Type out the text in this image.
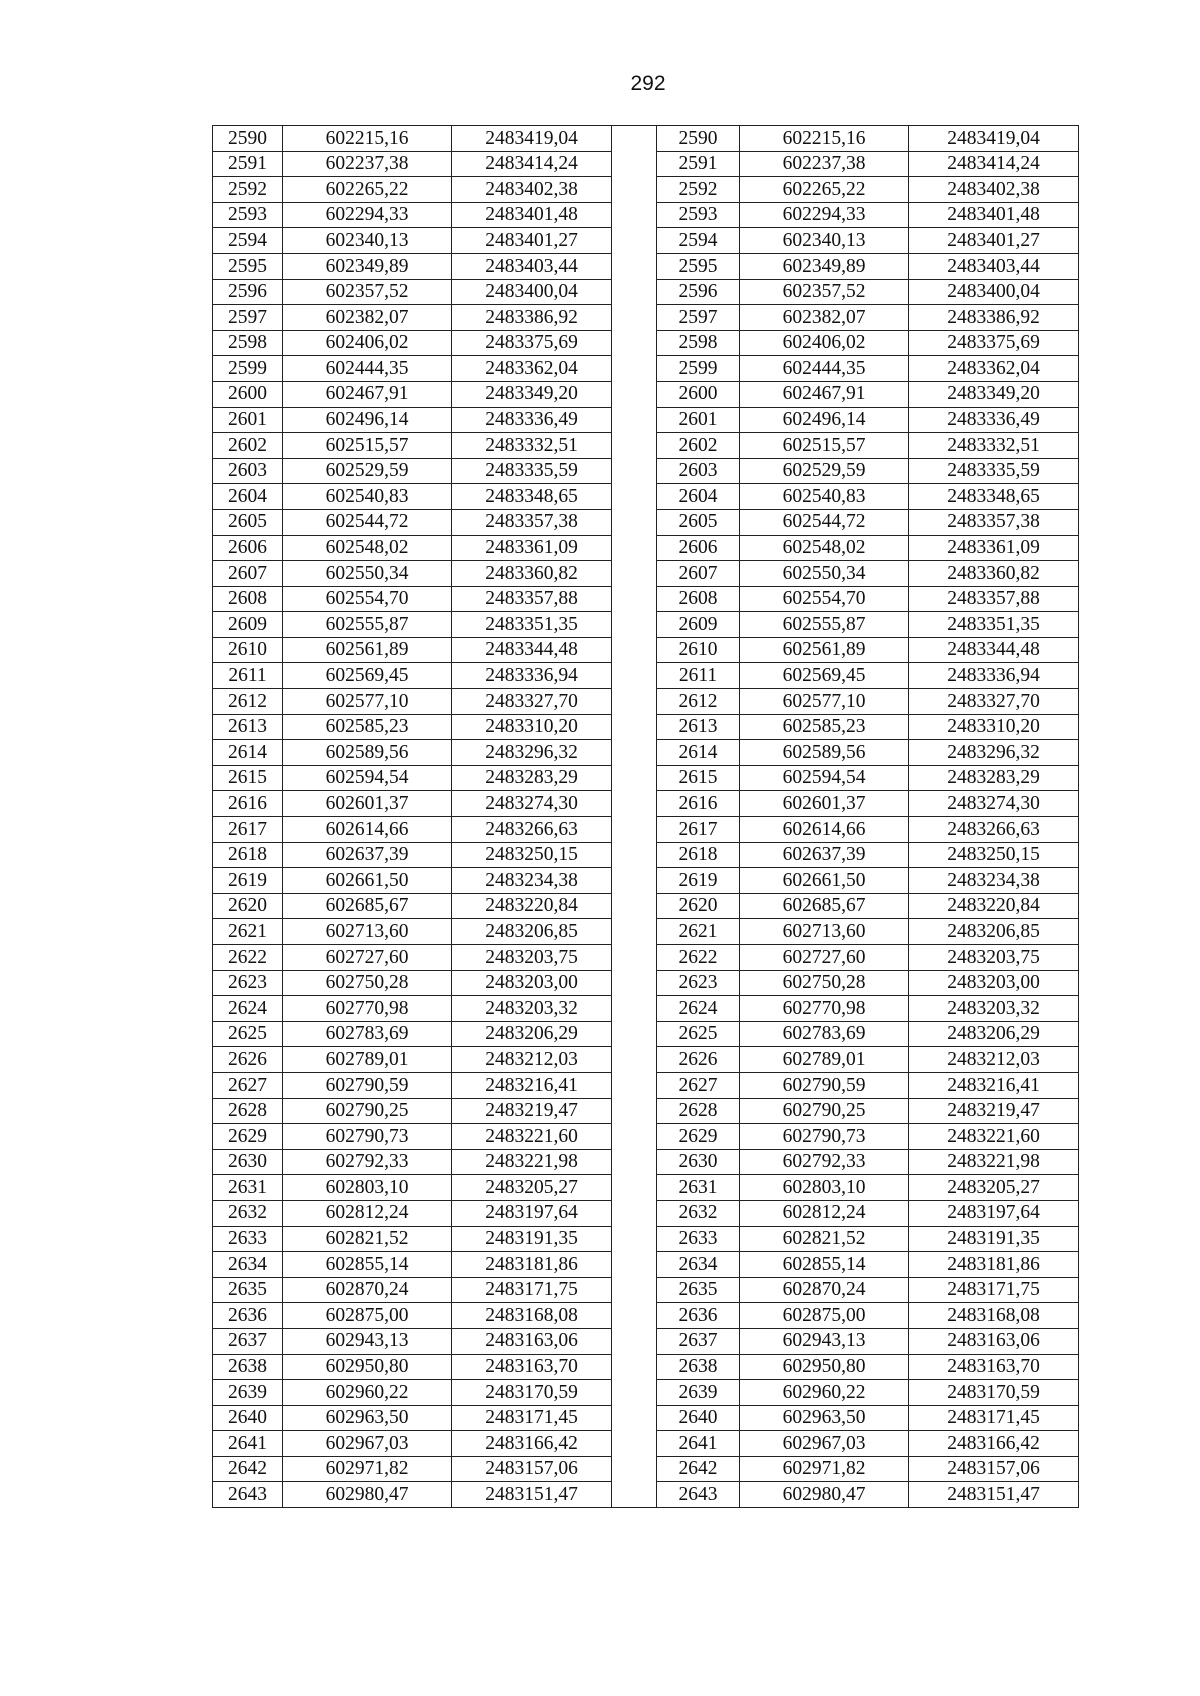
292
2590	602215,16	2483419,04		2590	602215,16	2483419,04
2591	602237,38	2483414,24		2591	602237,38	2483414,24
2592	602265,22	2483402,38		2592	602265,22	2483402,38
2593	602294,33	2483401,48		2593	602294,33	2483401,48
2594	602340,13	2483401,27		2594	602340,13	2483401,27
2595	602349,89	2483403,44		2595	602349,89	2483403,44
2596	602357,52	2483400,04		2596	602357,52	2483400,04
2597	602382,07	2483386,92		2597	602382,07	2483386,92
2598	602406,02	2483375,69		2598	602406,02	2483375,69
2599	602444,35	2483362,04		2599	602444,35	2483362,04
2600	602467,91	2483349,20		2600	602467,91	2483349,20
2601	602496,14	2483336,49		2601	602496,14	2483336,49
2602	602515,57	2483332,51		2602	602515,57	2483332,51
2603	602529,59	2483335,59		2603	602529,59	2483335,59
2604	602540,83	2483348,65		2604	602540,83	2483348,65
2605	602544,72	2483357,38		2605	602544,72	2483357,38
2606	602548,02	2483361,09		2606	602548,02	2483361,09
2607	602550,34	2483360,82		2607	602550,34	2483360,82
2608	602554,70	2483357,88		2608	602554,70	2483357,88
2609	602555,87	2483351,35		2609	602555,87	2483351,35
2610	602561,89	2483344,48		2610	602561,89	2483344,48
2611	602569,45	2483336,94		2611	602569,45	2483336,94
2612	602577,10	2483327,70		2612	602577,10	2483327,70
2613	602585,23	2483310,20		2613	602585,23	2483310,20
2614	602589,56	2483296,32		2614	602589,56	2483296,32
2615	602594,54	2483283,29		2615	602594,54	2483283,29
2616	602601,37	2483274,30		2616	602601,37	2483274,30
2617	602614,66	2483266,63		2617	602614,66	2483266,63
2618	602637,39	2483250,15		2618	602637,39	2483250,15
2619	602661,50	2483234,38		2619	602661,50	2483234,38
2620	602685,67	2483220,84		2620	602685,67	2483220,84
2621	602713,60	2483206,85		2621	602713,60	2483206,85
2622	602727,60	2483203,75		2622	602727,60	2483203,75
2623	602750,28	2483203,00		2623	602750,28	2483203,00
2624	602770,98	2483203,32		2624	602770,98	2483203,32
2625	602783,69	2483206,29		2625	602783,69	2483206,29
2626	602789,01	2483212,03		2626	602789,01	2483212,03
2627	602790,59	2483216,41		2627	602790,59	2483216,41
2628	602790,25	2483219,47		2628	602790,25	2483219,47
2629	602790,73	2483221,60		2629	602790,73	2483221,60
2630	602792,33	2483221,98		2630	602792,33	2483221,98
2631	602803,10	2483205,27		2631	602803,10	2483205,27
2632	602812,24	2483197,64		2632	602812,24	2483197,64
2633	602821,52	2483191,35		2633	602821,52	2483191,35
2634	602855,14	2483181,86		2634	602855,14	2483181,86
2635	602870,24	2483171,75		2635	602870,24	2483171,75
2636	602875,00	2483168,08		2636	602875,00	2483168,08
2637	602943,13	2483163,06		2637	602943,13	2483163,06
2638	602950,80	2483163,70		2638	602950,80	2483163,70
2639	602960,22	2483170,59		2639	602960,22	2483170,59
2640	602963,50	2483171,45		2640	602963,50	2483171,45
2641	602967,03	2483166,42		2641	602967,03	2483166,42
2642	602971,82	2483157,06		2642	602971,82	2483157,06
2643	602980,47	2483151,47		2643	602980,47	2483151,47
